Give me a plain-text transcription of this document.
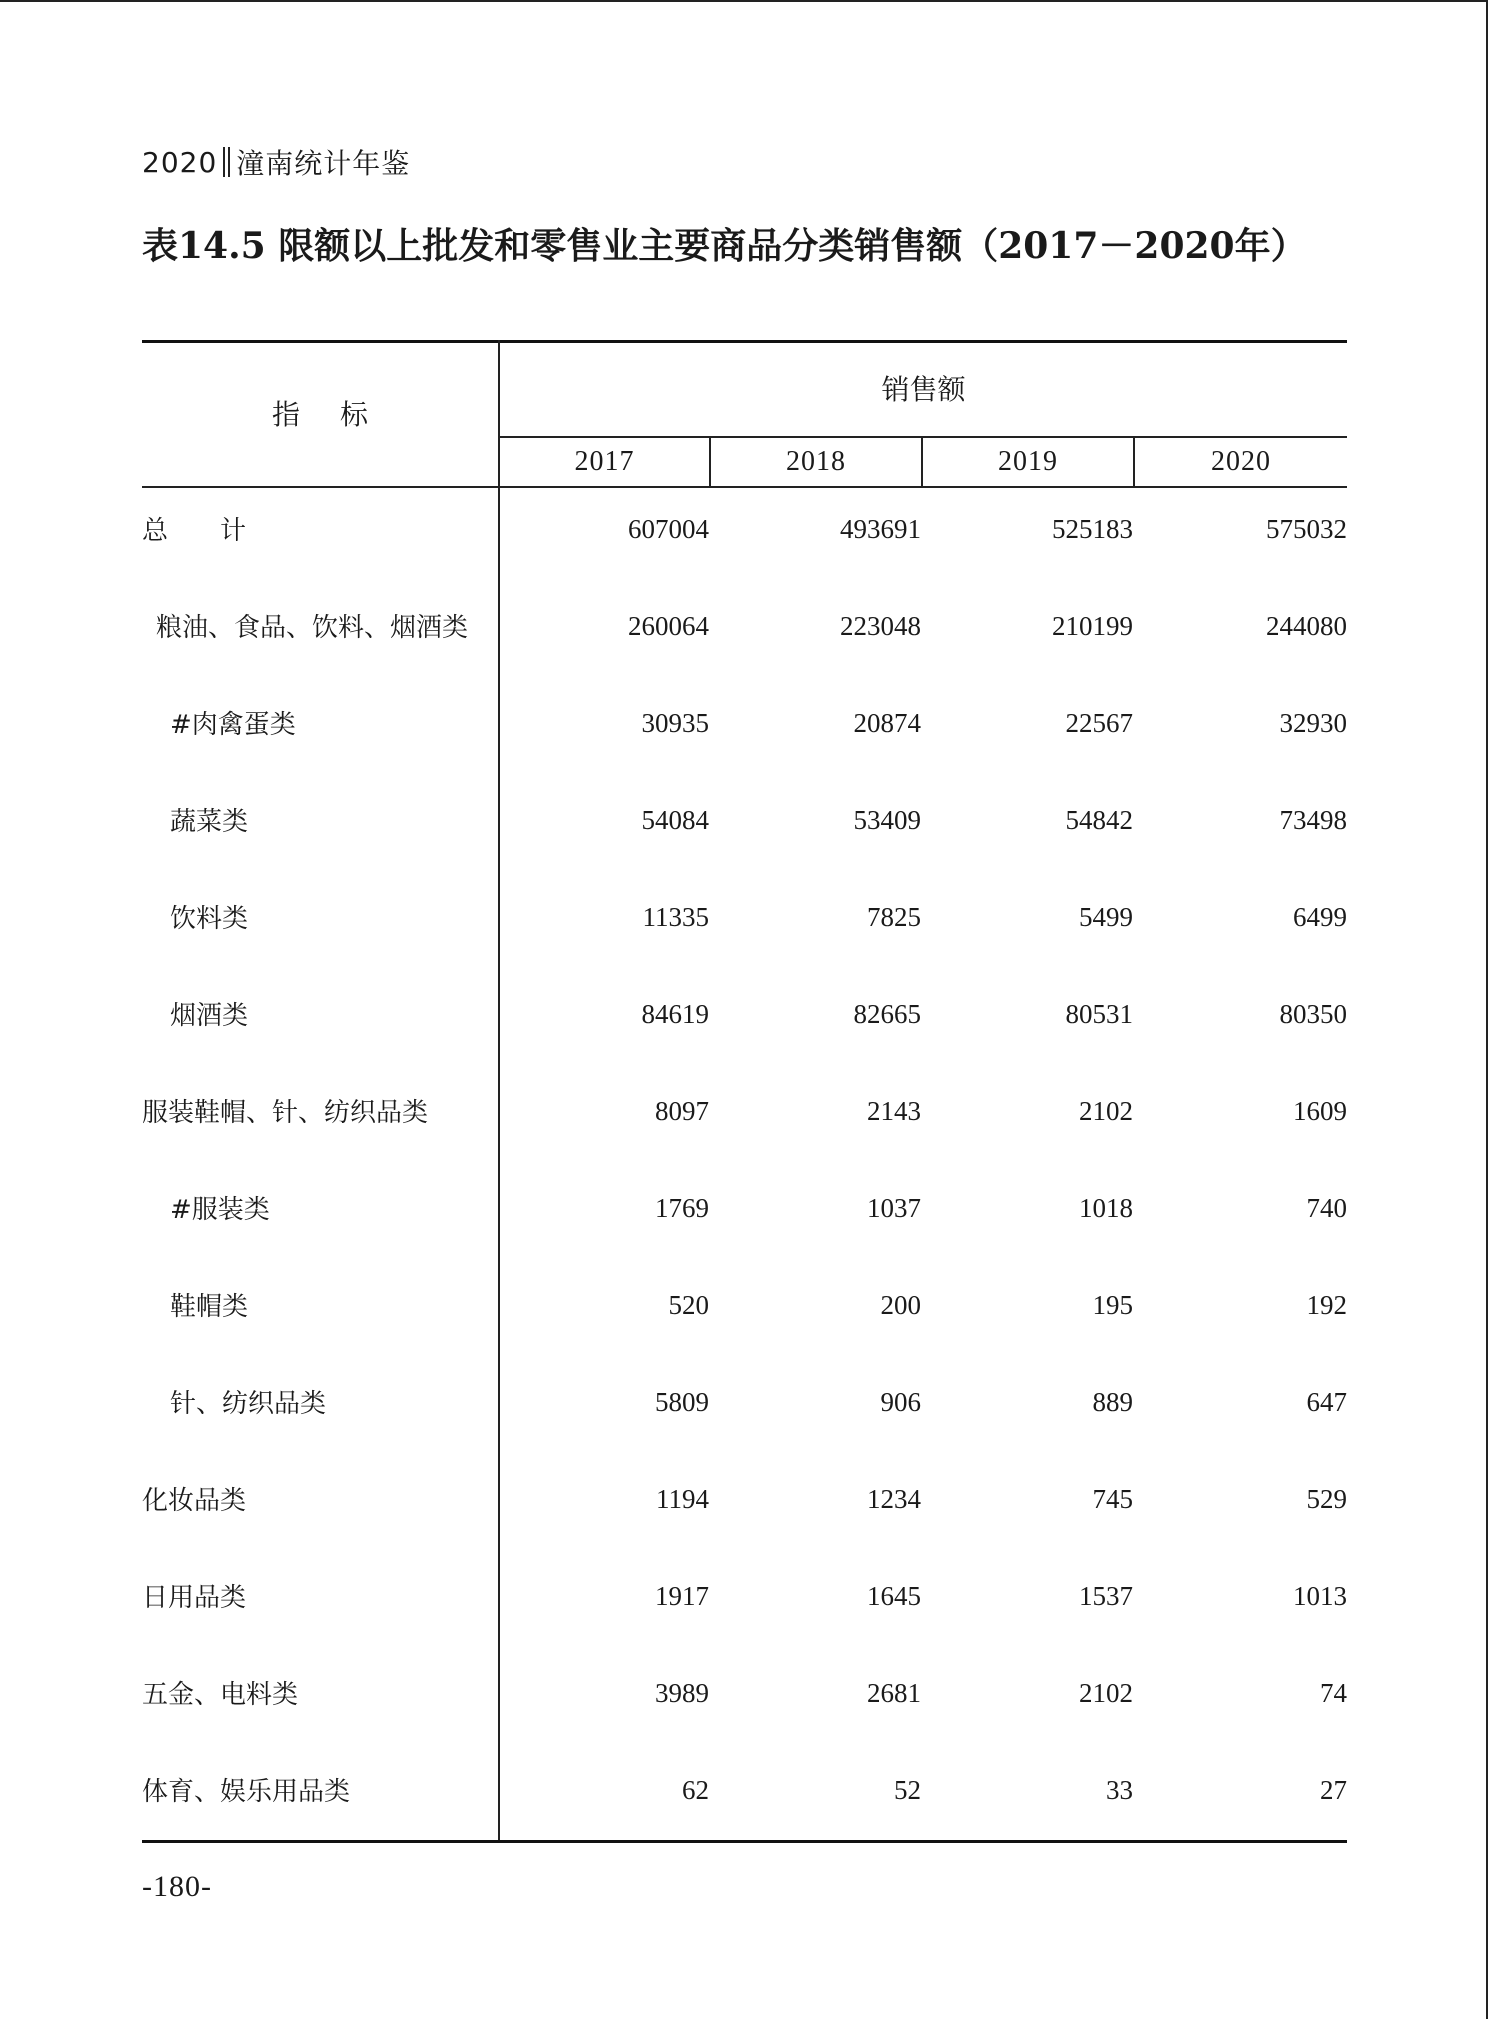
2020 潼南统计年鉴
表14.5 限额以上批发和零售业主要商品分类销售额（2017－2020年）
指标
销售额
2017	2018	2019	2020
总　　计	607004	493691	525183	575032
粮油、食品、饮料、烟酒类	260064	223048	210199	244080
#肉禽蛋类	30935	20874	22567	32930
蔬菜类	54084	53409	54842	73498
饮料类	11335	7825	5499	6499
烟酒类	84619	82665	80531	80350
服装鞋帽、针、纺织品类	8097	2143	2102	1609
#服装类	1769	1037	1018	740
鞋帽类	520	200	195	192
针、纺织品类	5809	906	889	647
化妆品类	1194	1234	745	529
日用品类	1917	1645	1537	1013
五金、电料类	3989	2681	2102	74
体育、娱乐用品类	62	52	33	27
-180-
